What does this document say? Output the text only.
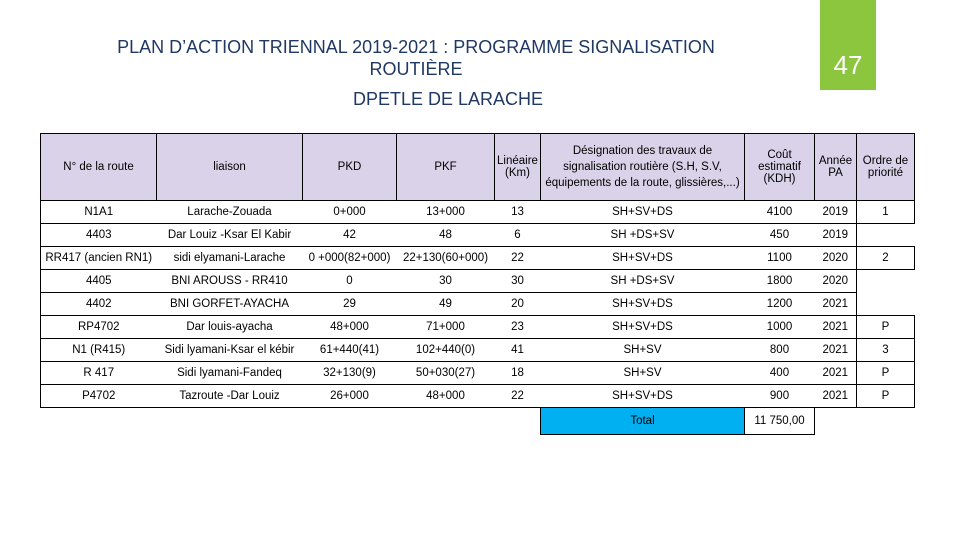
PLAN D’ACTION TRIENNAL 2019-2021 : PROGRAMME SIGNALISATION
ROUTIÈRE
DPETLE DE LARACHE
47
N° de la route	liaison	PKD	PKF	Linéaire (Km)	Désignation des travaux de signalisation routière (S.H, S.V, équipements de la route, glissières,...)	Coût estimatif (KDH)	Année PA	Ordre de priorité
N1A1	Larache-Zouada	0+000	13+000	13	SH+SV+DS	4100	2019	1
4403	Dar Louiz -Ksar El Kabir	42	48	6	SH +DS+SV	450	2019	
RR417 (ancien RN1)	sidi elyamani-Larache	0 +000(82+000)	22+130(60+000)	22	SH+SV+DS	1100	2020	2
4405	BNI AROUSS - RR410	0	30	30	SH +DS+SV	1800	2020	
4402	BNI GORFET-AYACHA	29	49	20	SH+SV+DS	1200	2021	
RP4702	Dar louis-ayacha	48+000	71+000	23	SH+SV+DS	1000	2021	P
N1 (R415)	Sidi lyamani-Ksar el kébir	61+440(41)	102+440(0)	41	SH+SV	800	2021	3
R 417	Sidi lyamani-Fandeq	32+130(9)	50+030(27)	18	SH+SV	400	2021	P
P4702	Tazroute -Dar Louiz	26+000	48+000	22	SH+SV+DS	900	2021	P
					Total	11 750,00		
